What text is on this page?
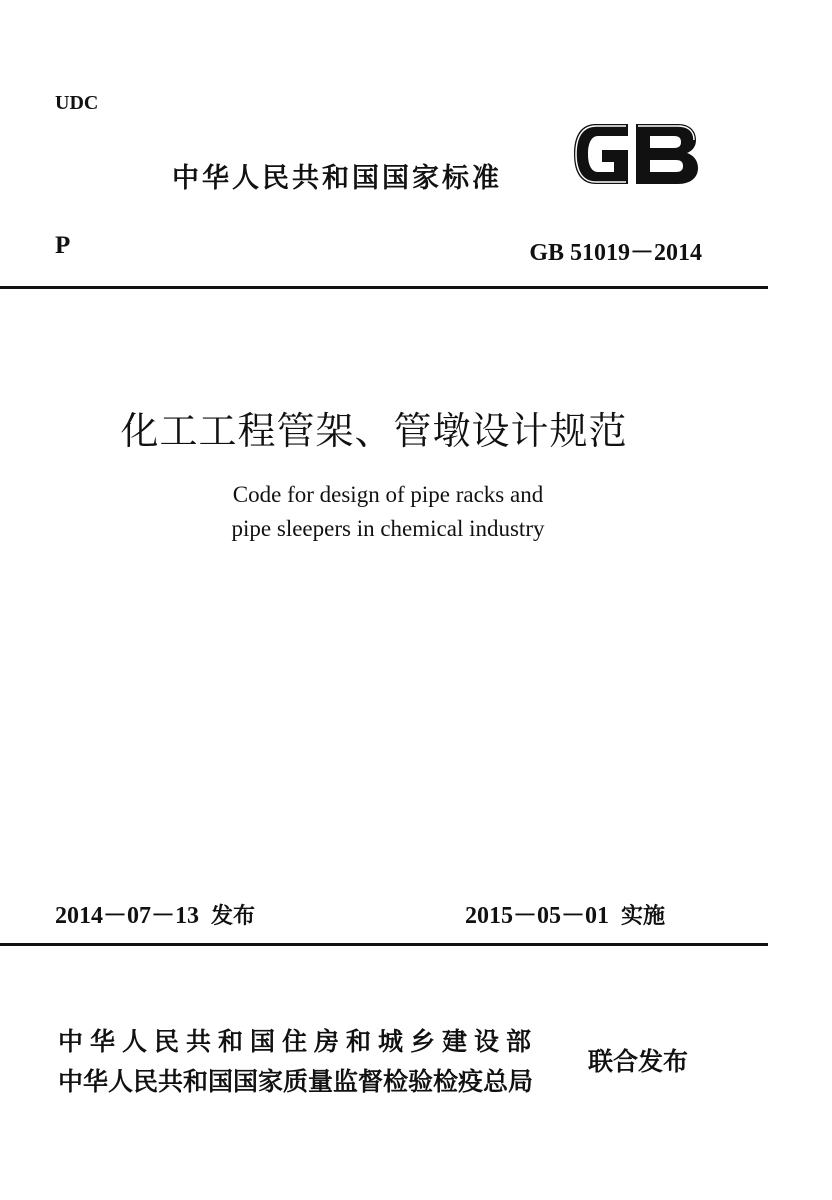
UDC
中华人民共和国国家标准
P	GB 51019－2014
化工工程管架、管墩设计规范
Code for design of pipe racks and
pipe sleepers in chemical industry
2014－07－13 发布	2015－05－01 实施
中华人民共和国住房和城乡建设部
中华人民共和国国家质量监督检验检疫总局
联合发布
